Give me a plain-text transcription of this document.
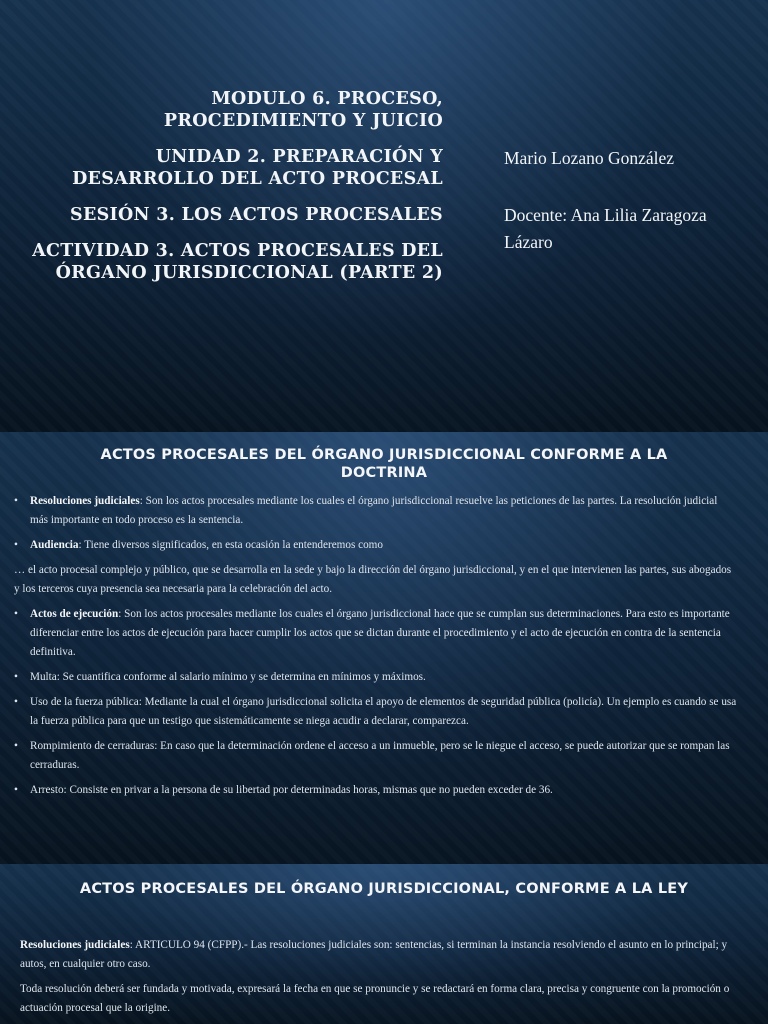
MODULO 6. PROCESO, PROCEDIMIENTO Y JUICIO
UNIDAD 2. PREPARACIÓN Y DESARROLLO DEL ACTO PROCESAL
SESIÓN 3. LOS ACTOS PROCESALES
ACTIVIDAD 3. ACTOS PROCESALES DEL ÓRGANO JURISDICCIONAL (PARTE 2)
Mario Lozano González
Docente: Ana Lilia Zaragoza Lázaro
ACTOS PROCESALES DEL ÓRGANO JURISDICCIONAL CONFORME A LA DOCTRINA
• Resoluciones judiciales: Son los actos procesales mediante los cuales el órgano jurisdiccional resuelve las peticiones de las partes. La resolución judicial más importante en todo proceso es la sentencia.
• Audiencia: Tiene diversos significados, en esta ocasión la entenderemos como
… el acto procesal complejo y público, que se desarrolla en la sede y bajo la dirección del órgano jurisdiccional, y en el que intervienen las partes, sus abogados y los terceros cuya presencia sea necesaria para la celebración del acto.
• Actos de ejecución: Son los actos procesales mediante los cuales el órgano jurisdiccional hace que se cumplan sus determinaciones. Para esto es importante diferenciar entre los actos de ejecución para hacer cumplir los actos que se dictan durante el procedimiento y el acto de ejecución en contra de la sentencia definitiva.
• Multa: Se cuantifica conforme al salario mínimo y se determina en mínimos y máximos.
• Uso de la fuerza pública: Mediante la cual el órgano jurisdiccional solicita el apoyo de elementos de seguridad pública (policía). Un ejemplo es cuando se usa la fuerza pública para que un testigo que sistemáticamente se niega acudir a declarar, comparezca.
• Rompimiento de cerraduras: En caso que la determinación ordene el acceso a un inmueble, pero se le niegue el acceso, se puede autorizar que se rompan las cerraduras.
• Arresto: Consiste en privar a la persona de su libertad por determinadas horas, mismas que no pueden exceder de 36.
ACTOS PROCESALES DEL ÓRGANO JURISDICCIONAL, CONFORME A LA LEY
Resoluciones judiciales: ARTICULO 94 (CFPP).- Las resoluciones judiciales son: sentencias, si terminan la instancia resolviendo el asunto en lo principal; y autos, en cualquier otro caso.
Toda resolución deberá ser fundada y motivada, expresará la fecha en que se pronuncie y se redactará en forma clara, precisa y congruente con la promoción o actuación procesal que la origine.
